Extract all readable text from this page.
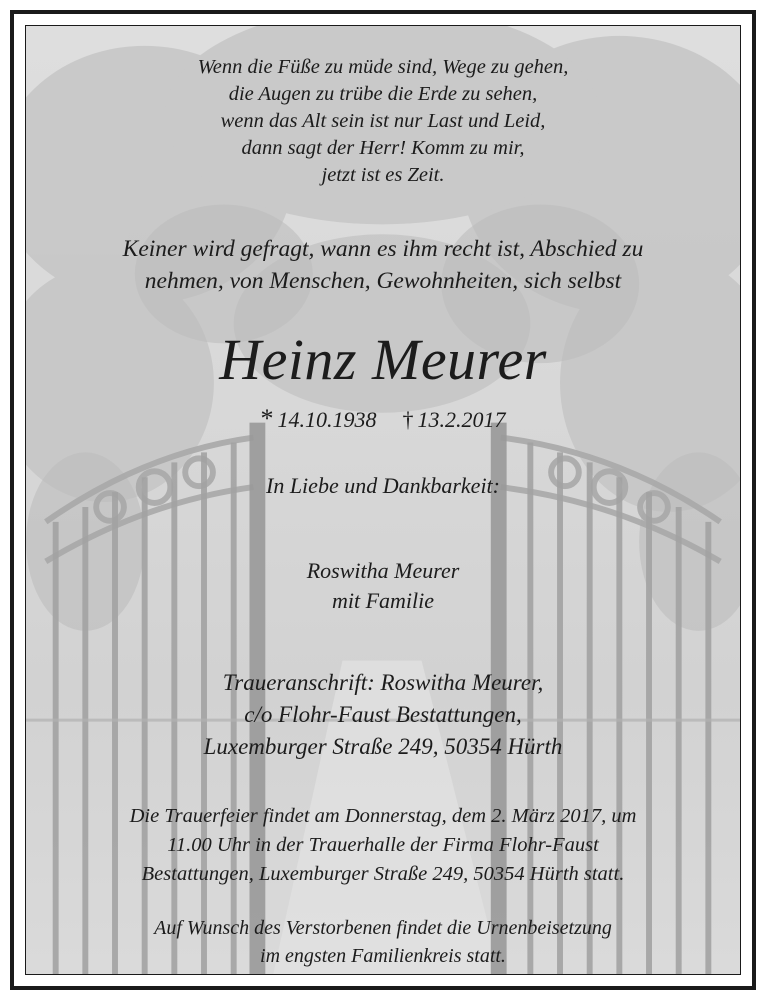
Wenn die Füße zu müde sind, Wege zu gehen,
die Augen zu trübe die Erde zu sehen,
wenn das Alt sein ist nur Last und Leid,
dann sagt der Herr! Komm zu mir,
jetzt ist es Zeit.
Keiner wird gefragt, wann es ihm recht ist, Abschied zu
nehmen, von Menschen, Gewohnheiten, sich selbst
Heinz Meurer
* 14.10.1938 † 13.2.2017
In Liebe und Dankbarkeit:
Roswitha Meurer
mit Familie
Traueranschrift: Roswitha Meurer,
c/o Flohr-Faust Bestattungen,
Luxemburger Straße 249, 50354 Hürth
Die Trauerfeier findet am Donnerstag, dem 2. März 2017, um
11.00 Uhr in der Trauerhalle der Firma Flohr-Faust
Bestattungen, Luxemburger Straße 249, 50354 Hürth statt.
Auf Wunsch des Verstorbenen findet die Urnenbeisetzung
im engsten Familienkreis statt.
